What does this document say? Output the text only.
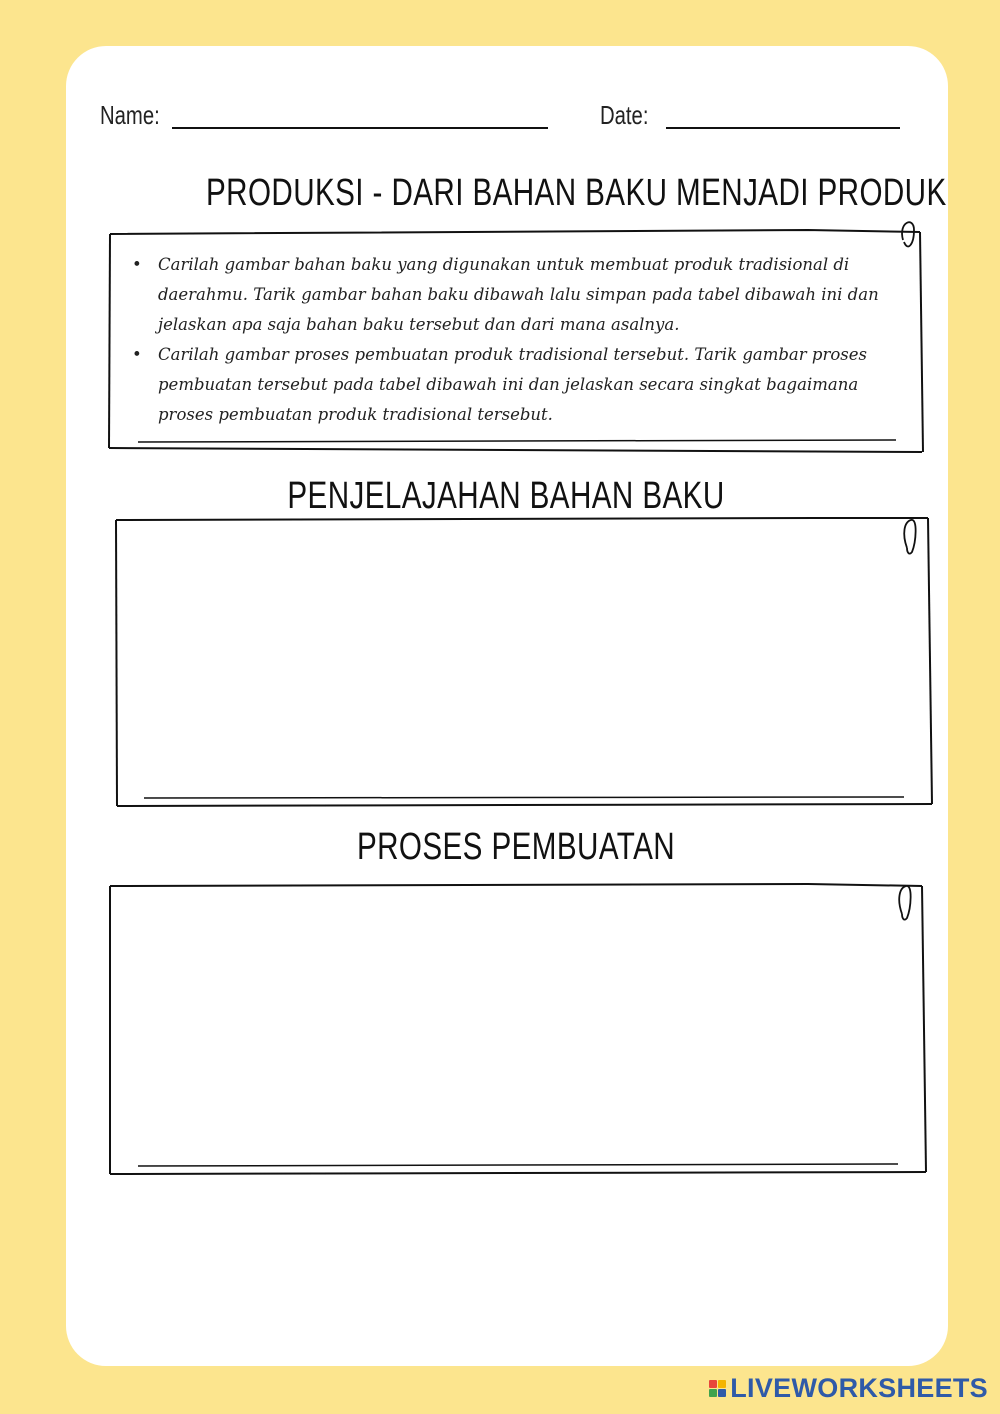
Name:	Date:
PRODUKSI - DARI BAHAN BAKU MENJADI PRODUK
• Carilah gambar bahan baku yang digunakan untuk membuat produk tradisional di daerahmu. Tarik gambar bahan baku dibawah lalu simpan pada tabel dibawah ini dan jelaskan apa saja bahan baku tersebut dan dari mana asalnya.
• Carilah gambar proses pembuatan produk tradisional tersebut. Tarik gambar proses pembuatan tersebut pada tabel dibawah ini dan jelaskan secara singkat bagaimana proses pembuatan produk tradisional tersebut.
PENJELAJAHAN BAHAN BAKU
PROSES PEMBUATAN
LIVEWORKSHEETS
